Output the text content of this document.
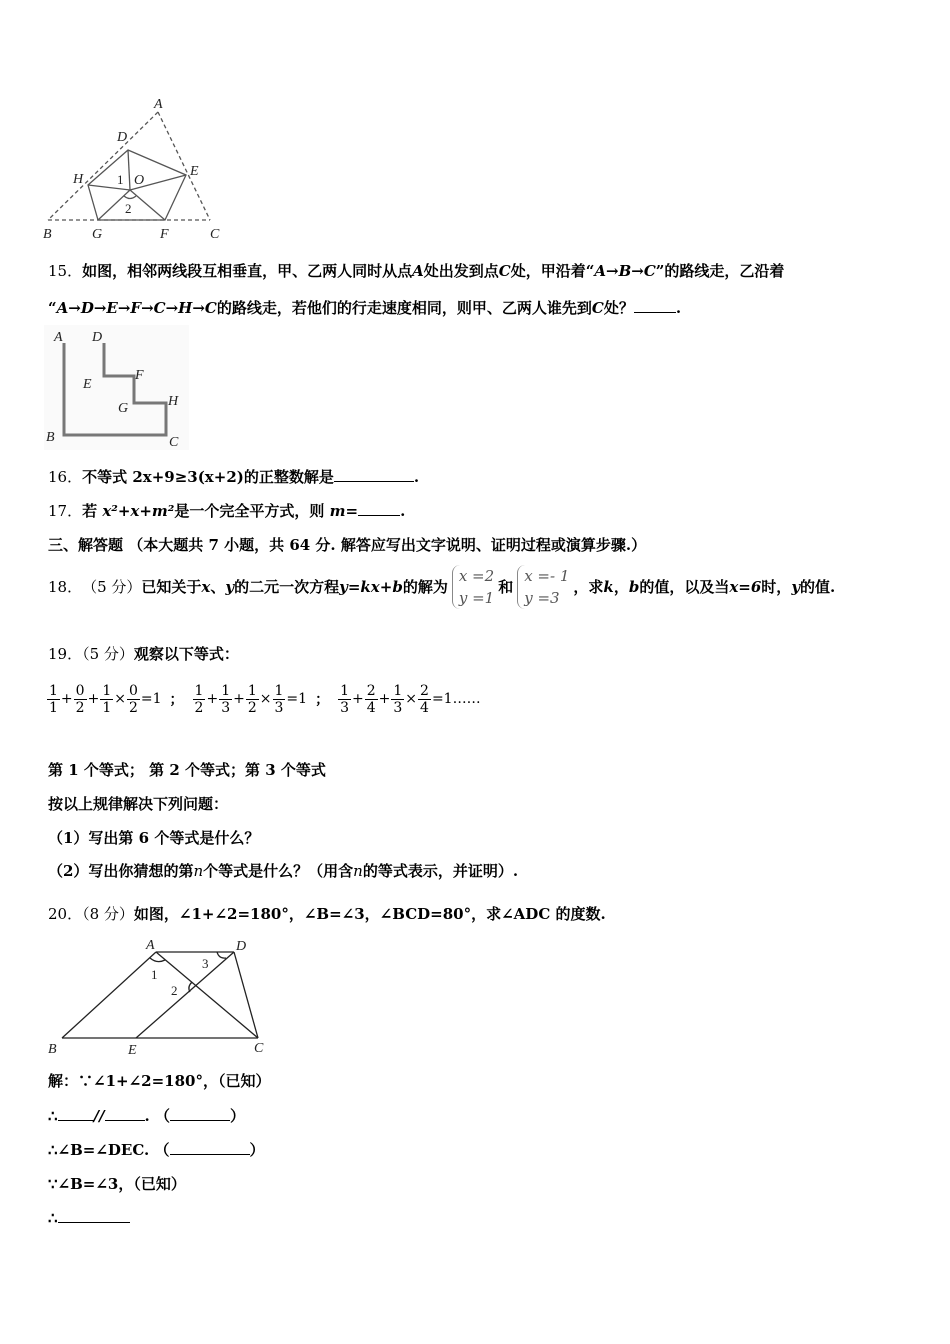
A
D
E
H	O
1
2
B	G	F	C
15．如图，相邻两线段互相垂直，甲、乙两人同时从点A处出发到点C处，甲沿着“A→B→C”的路线走，乙沿着
“A→D→E→F→C→H→C的路线走，若他们的行走速度相同，则甲、乙两人谁先到C处？	.
A D
E
F
G	H
B	C
16．不等式 2x+9≥3(x+2)的正整数解是	.
17．若 x²+x+m²是一个完全平方式，则 m=	.
三、解答题 （本大题共 7 小题，共 64 分. 解答应写出文字说明、证明过程或演算步骤.）
18． （5 分） 已知关于 x 、 y 的二元一次方程 y=kx+b 的解为
x =2
y =1
和
x =- 1
y =3
，求 k ， b 的值，以及当 x=6 时， y 的值.
19．（5 分）观察以下等式：
$\frac{1}{1} + \frac{0}{2} + \frac{1}{1} \times \frac{0}{2} =1$ ； $\frac{1}{2} + \frac{1}{3} + \frac{1}{2} \times \frac{1}{3} =1$ ； $\frac{1}{3} + \frac{2}{4} + \frac{1}{3} \times \frac{2}{4}$ =1……
第 1 个等式； 第 2 个等式；第 3 个等式
按以上规律解决下列问题：
（1）写出第 6 个等式是什么？
（2）写出你猜想的第n个等式是什么？（用含n的等式表示，并证明）.
20．（8 分）如图，∠1+∠2=180°，∠B=∠3，∠BCD=80°，求∠ADC 的度数.
A	D
3
1
2
B	E	C
解：∵∠1+∠2=180°，（已知）
∴ //	. （	）
∴∠B=∠DEC. （	）
∵∠B=∠3，（已知）
∴
